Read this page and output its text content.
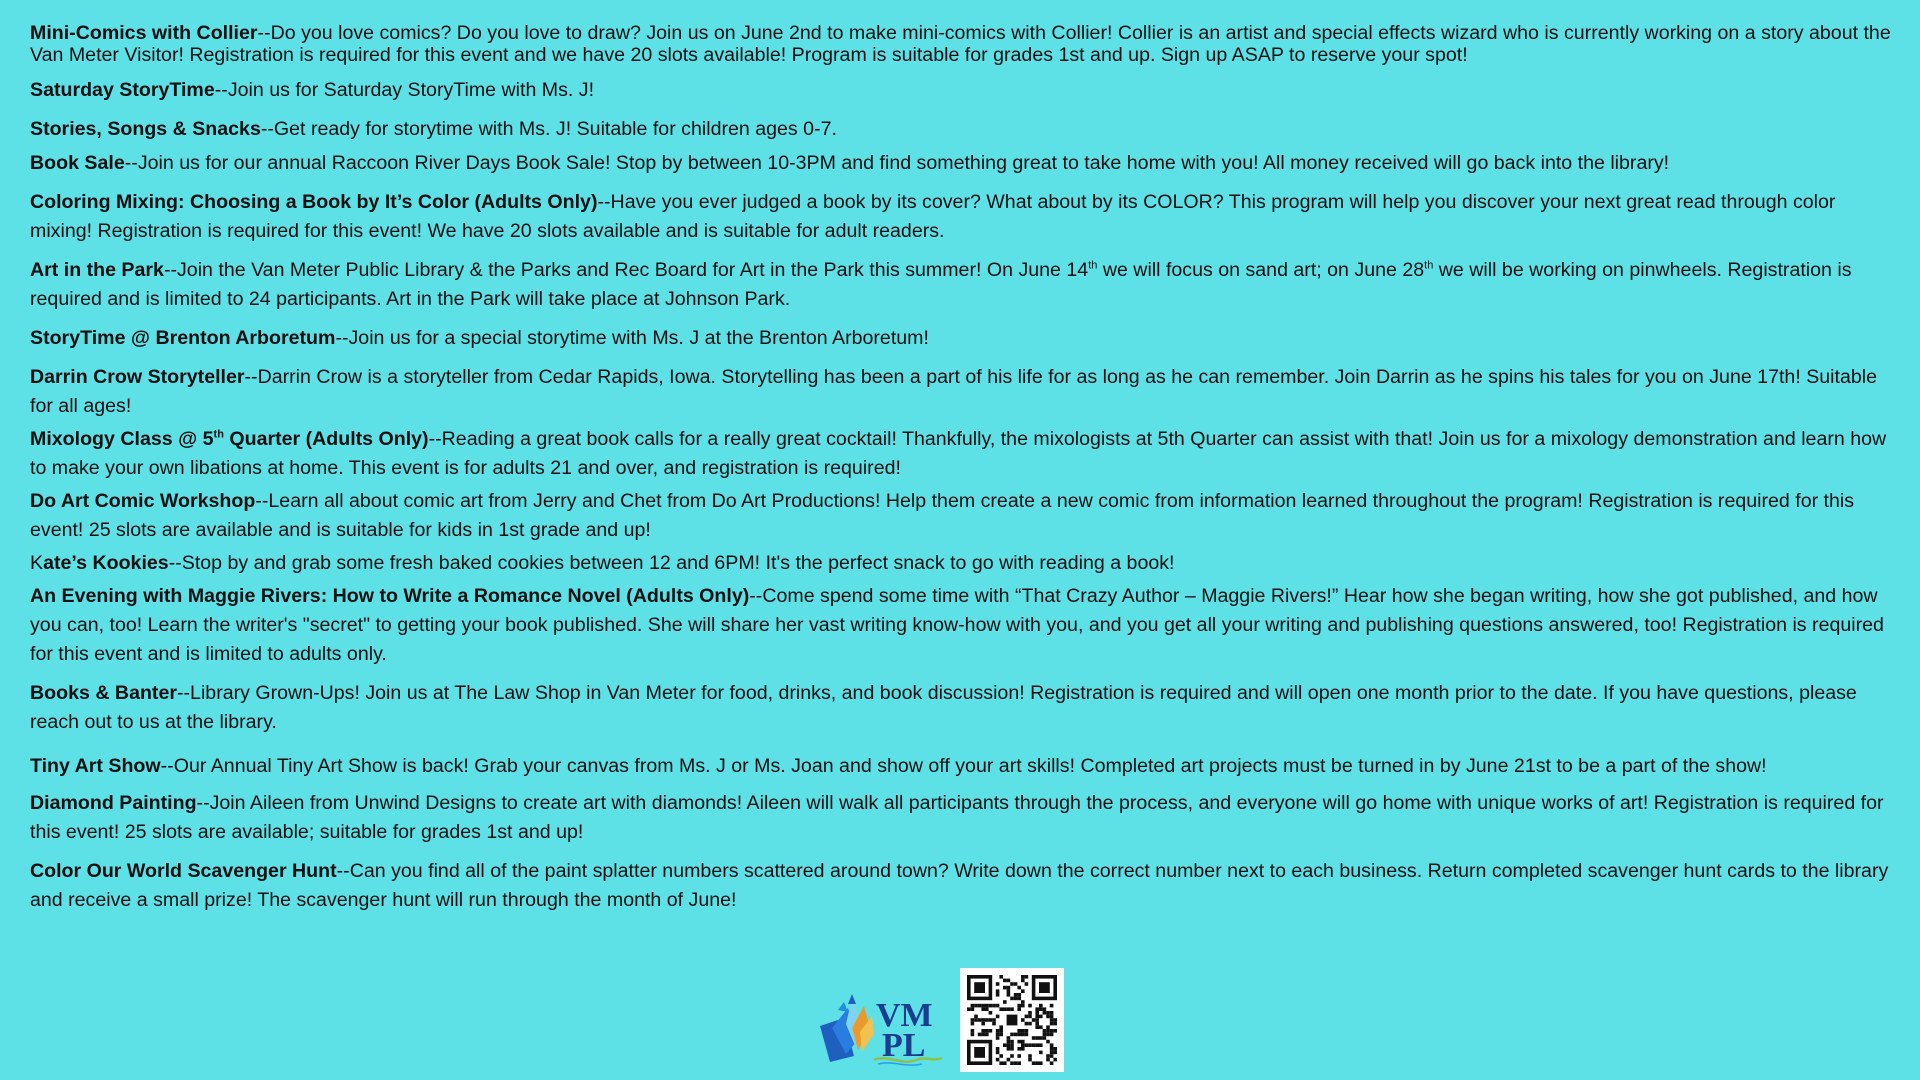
Mini-Comics with Collier--Do you love comics? Do you love to draw? Join us on June 2nd to make mini-comics with Collier! Collier is an artist and special effects wizard who is currently working on a story about the Van Meter Visitor! Registration is required for this event and we have 20 slots available! Program is suitable for grades 1st and up. Sign up ASAP to reserve your spot!

Saturday StoryTime--Join us for Saturday StoryTime with Ms. J!

Stories, Songs & Snacks--Get ready for storytime with Ms. J! Suitable for children ages 0-7.

Book Sale--Join us for our annual Raccoon River Days Book Sale! Stop by between 10-3PM and find something great to take home with you! All money received will go back into the library!

Coloring Mixing: Choosing a Book by It’s Color (Adults Only)--Have you ever judged a book by its cover? What about by its COLOR? This program will help you discover your next great read through color mixing! Registration is required for this event! We have 20 slots available and is suitable for adult readers.

Art in the Park--Join the Van Meter Public Library & the Parks and Rec Board for Art in the Park this summer! On June 14th we will focus on sand art; on June 28th we will be working on pinwheels. Registration is required and is limited to 24 participants. Art in the Park will take place at Johnson Park.

StoryTime @ Brenton Arboretum--Join us for a special storytime with Ms. J at the Brenton Arboretum!

Darrin Crow Storyteller--Darrin Crow is a storyteller from Cedar Rapids, Iowa. Storytelling has been a part of his life for as long as he can remember. Join Darrin as he spins his tales for you on June 17th! Suitable for all ages!

Mixology Class @ 5th Quarter (Adults Only)--Reading a great book calls for a really great cocktail! Thankfully, the mixologists at 5th Quarter can assist with that! Join us for a mixology demonstration and learn how to make your own libations at home. This event is for adults 21 and over, and registration is required!

Do Art Comic Workshop--Learn all about comic art from Jerry and Chet from Do Art Productions! Help them create a new comic from information learned throughout the program! Registration is required for this event! 25 slots are available and is suitable for kids in 1st grade and up!

Kate’s Kookies--Stop by and grab some fresh baked cookies between 12 and 6PM! It's the perfect snack to go with reading a book!

An Evening with Maggie Rivers: How to Write a Romance Novel (Adults Only)--Come spend some time with “That Crazy Author – Maggie Rivers!” Hear how she began writing, how she got published, and how you can, too! Learn the writer's "secret" to getting your book published. She will share her vast writing know-how with you, and you get all your writing and publishing questions answered, too! Registration is required for this event and is limited to adults only.

Books & Banter--Library Grown-Ups! Join us at The Law Shop in Van Meter for food, drinks, and book discussion! Registration is required and will open one month prior to the date. If you have questions, please reach out to us at the library.

Tiny Art Show--Our Annual Tiny Art Show is back! Grab your canvas from Ms. J or Ms. Joan and show off your art skills! Completed art projects must be turned in by June 21st to be a part of the show!

Diamond Painting--Join Aileen from Unwind Designs to create art with diamonds! Aileen will walk all participants through the process, and everyone will go home with unique works of art! Registration is required for this event! 25 slots are available; suitable for grades 1st and up!

Color Our World Scavenger Hunt--Can you find all of the paint splatter numbers scattered around town? Write down the correct number next to each business. Return completed scavenger hunt cards to the library and receive a small prize! The scavenger hunt will run through the month of June!

VM
PL
